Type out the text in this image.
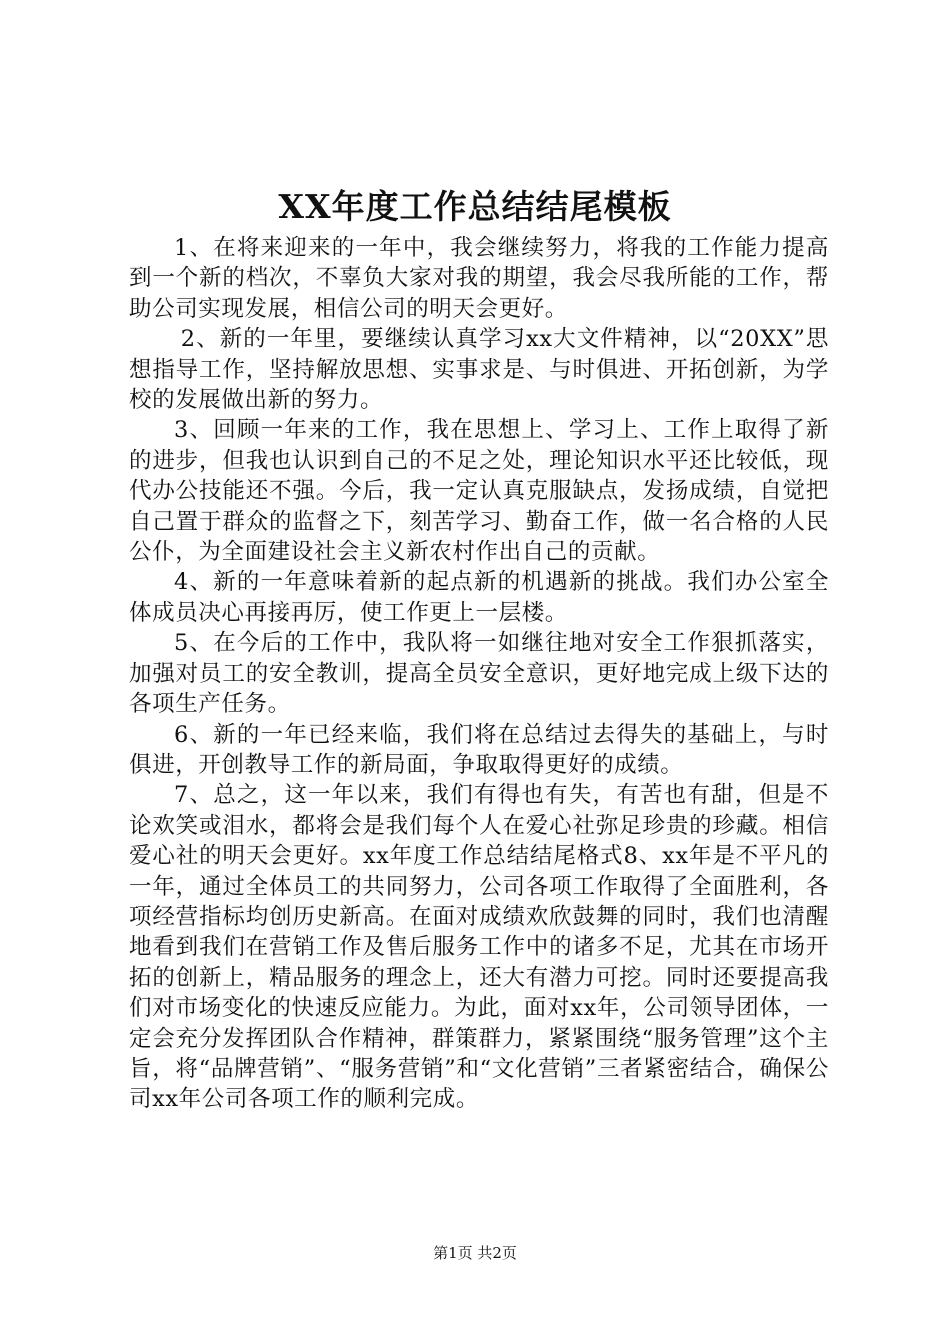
XX年度工作总结结尾模板

1、在将来迎来的一年中，我会继续努力，将我的工作能力提高到一个新的档次，不辜负大家对我的期望，我会尽我所能的工作，帮助公司实现发展，相信公司的明天会更好。

2、新的一年里，要继续认真学习xx大文件精神，以“20XX”思想指导工作，坚持解放思想、实事求是、与时俱进、开拓创新，为学校的发展做出新的努力。

3、回顾一年来的工作，我在思想上、学习上、工作上取得了新的进步，但我也认识到自己的不足之处，理论知识水平还比较低，现代办公技能还不强。今后，我一定认真克服缺点，发扬成绩，自觉把自己置于群众的监督之下，刻苦学习、勤奋工作，做一名合格的人民公仆，为全面建设社会主义新农村作出自己的贡献。

4、新的一年意味着新的起点新的机遇新的挑战。我们办公室全体成员决心再接再厉，使工作更上一层楼。

5、在今后的工作中，我队将一如继往地对安全工作狠抓落实，加强对员工的安全教训，提高全员安全意识，更好地完成上级下达的各项生产任务。

6、新的一年已经来临，我们将在总结过去得失的基础上，与时俱进，开创教导工作的新局面，争取取得更好的成绩。

7、总之，这一年以来，我们有得也有失，有苦也有甜，但是不论欢笑或泪水，都将会是我们每个人在爱心社弥足珍贵的珍藏。相信爱心社的明天会更好。xx年度工作总结结尾格式8、xx年是不平凡的一年，通过全体员工的共同努力，公司各项工作取得了全面胜利，各项经营指标均创历史新高。在面对成绩欢欣鼓舞的同时，我们也清醒地看到我们在营销工作及售后服务工作中的诸多不足，尤其在市场开拓的创新上，精品服务的理念上，还大有潜力可挖。同时还要提高我们对市场变化的快速反应能力。为此，面对xx年，公司领导团体，一定会充分发挥团队合作精神，群策群力，紧紧围绕“服务管理”这个主旨，将“品牌营销”、“服务营销”和“文化营销”三者紧密结合，确保公司xx年公司各项工作的顺利完成。

第1页 共2页
